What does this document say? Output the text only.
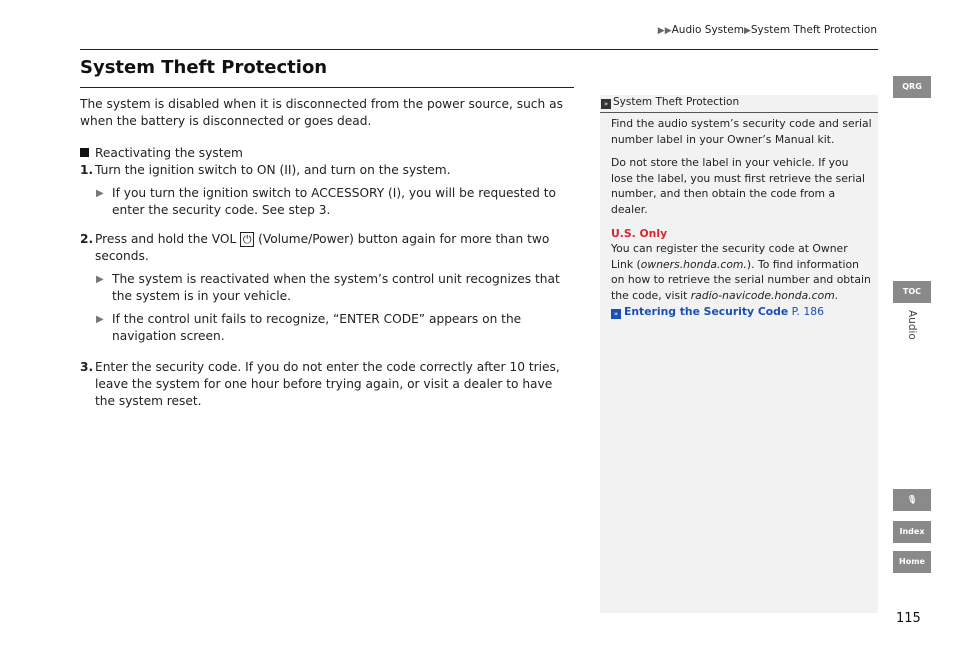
▶▶Audio System▶System Theft Protection
System Theft Protection

The system is disabled when it is disconnected from the power source, such as when the battery is disconnected or goes dead.

Reactivating the system

1. Turn the ignition switch to ON (II), and turn on the system.
▶ If you turn the ignition switch to ACCESSORY (I), you will be requested to enter the security code. See step 3.
2. Press and hold the VOL ⏻ (Volume/Power) button again for more than two seconds.
▶ The system is reactivated when the system’s control unit recognizes that the system is in your vehicle.
▶ If the control unit fails to recognize, “ENTER CODE” appears on the navigation screen.
3. Enter the security code. If you do not enter the code correctly after 10 tries, leave the system for one hour before trying again, or visit a dealer to have the system reset.
» System Theft Protection

Find the audio system’s security code and serial number label in your Owner’s Manual kit.

Do not store the label in your vehicle. If you lose the label, you must first retrieve the serial number, and then obtain the code from a dealer.

U.S. Only

You can register the security code at Owner Link (owners.honda.com.). To find information on how to retrieve the serial number and obtain the code, visit radio-navicode.honda.com.

» Entering the Security Code P. 186

QRG
TOC
Audio
🎙
Index
Home
115
